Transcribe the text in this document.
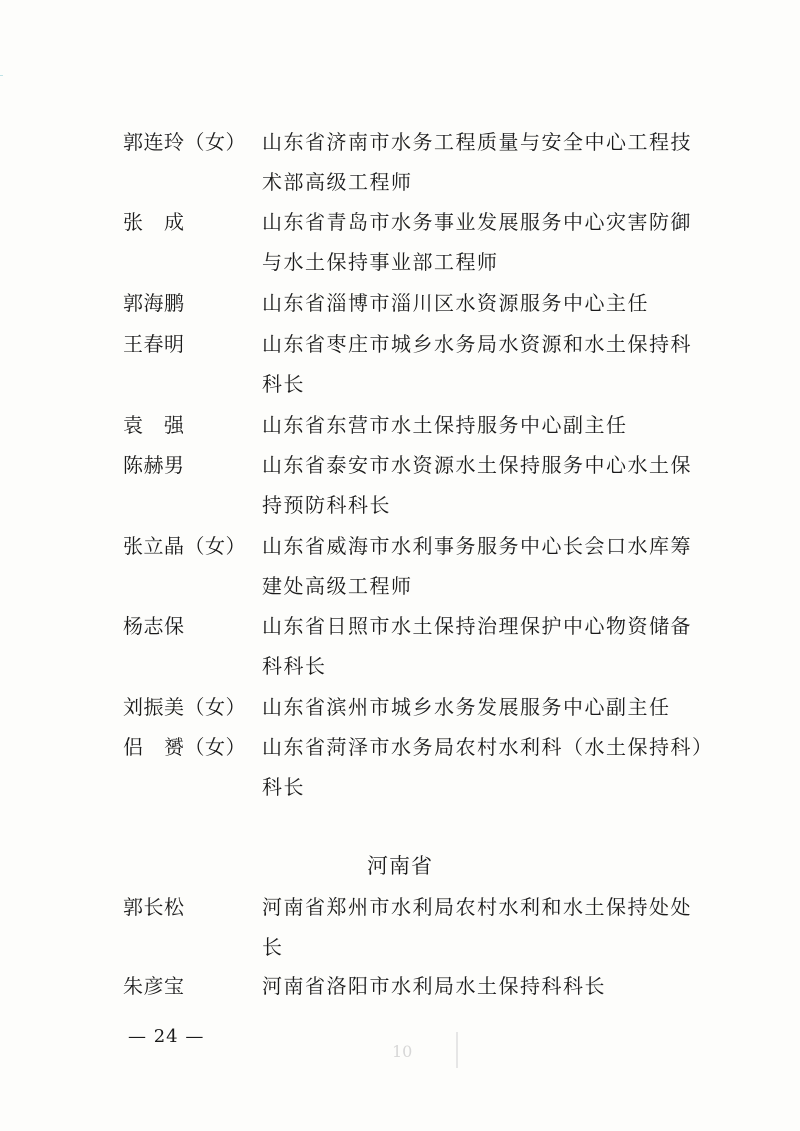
郭连玲（女） 山东省济南市水务工程质量与安全中心工程技
术部高级工程师
张　成	山东省青岛市水务事业发展服务中心灾害防御
与水土保持事业部工程师
郭海鹏	山东省淄博市淄川区水资源服务中心主任
王春明	山东省枣庄市城乡水务局水资源和水土保持科
科长
袁　强	山东省东营市水土保持服务中心副主任
陈赫男	山东省泰安市水资源水土保持服务中心水土保
持预防科科长
张立晶（女） 山东省威海市水利事务服务中心长会口水库筹
建处高级工程师
杨志保	山东省日照市水土保持治理保护中心物资储备
科科长
刘振美（女） 山东省滨州市城乡水务发展服务中心副主任
侣　赟（女） 山东省菏泽市水务局农村水利科（水土保持科）
科长
河南省
郭长松	河南省郑州市水利局农村水利和水土保持处处
长
朱彦宝	河南省洛阳市水利局水土保持科科长
— 24 —
10
